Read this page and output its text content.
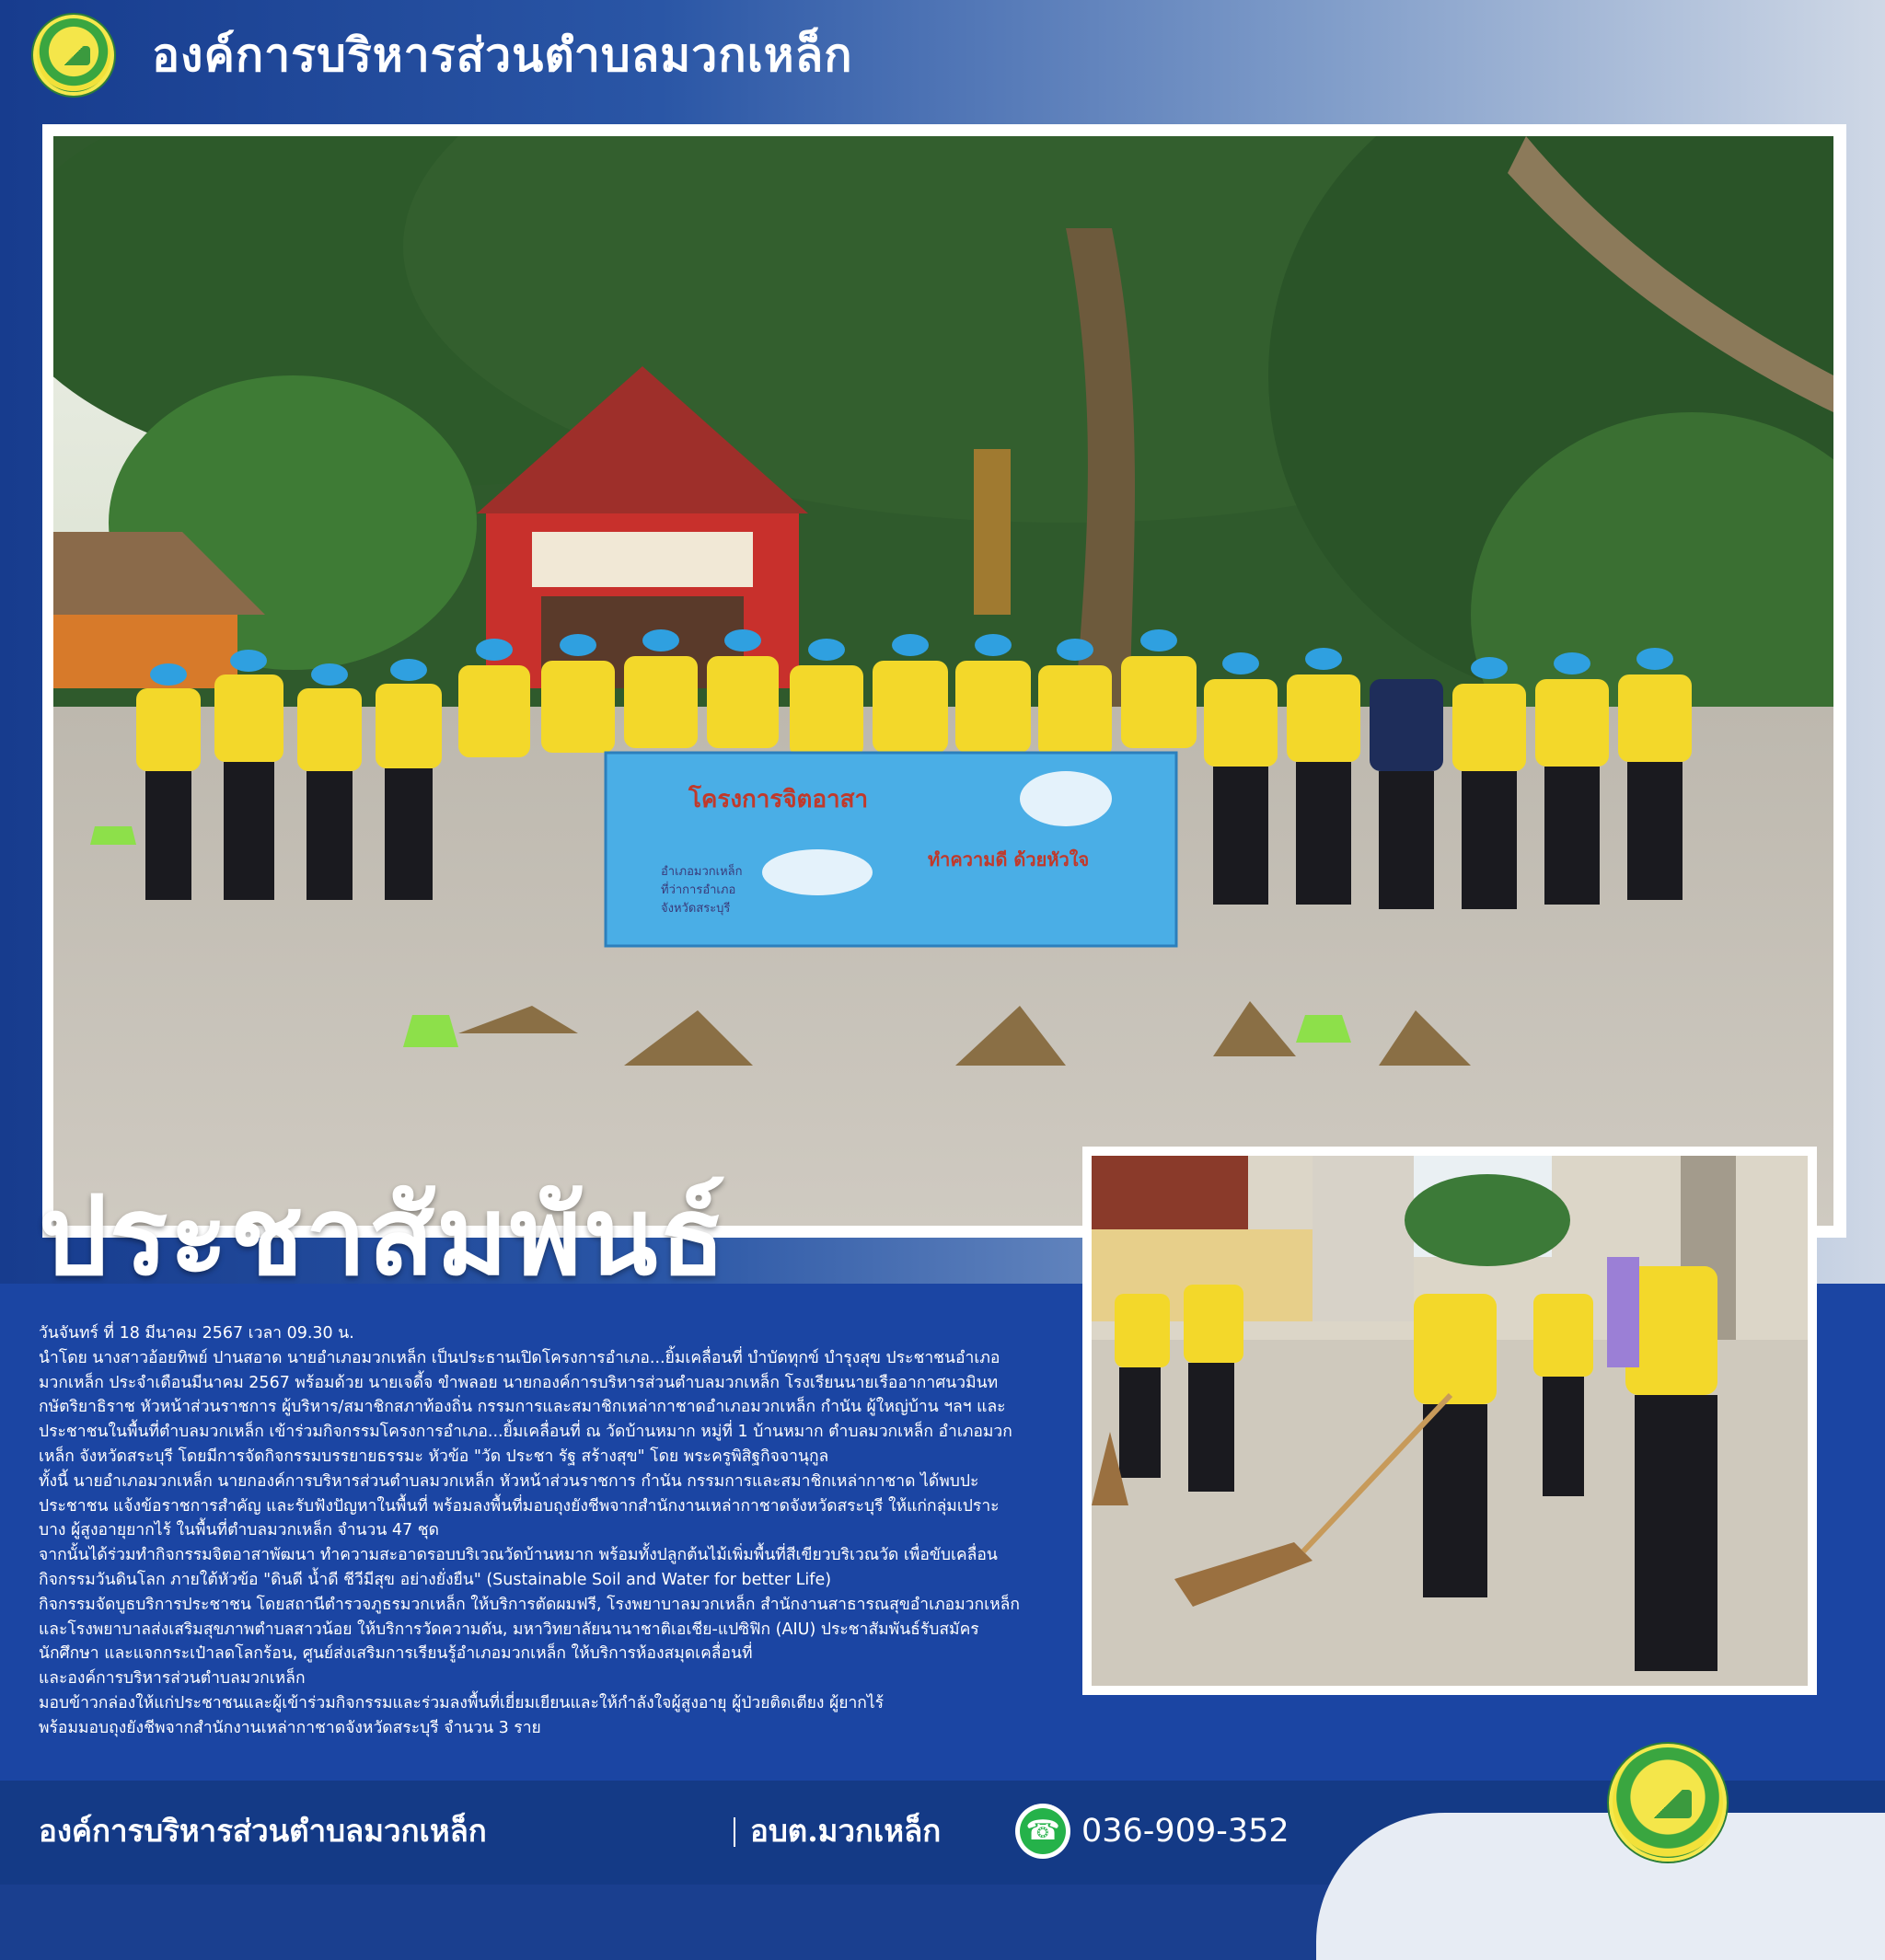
องค์การบริหารส่วนตำบลมวกเหล็ก
โครงการจิตอาสา
ทำความดี ด้วยหัวใจ
อำเภอมวกเหล็ก
ที่ว่าการอำเภอ
จังหวัดสระบุรี
ประชาสัมพันธ์
วันจันทร์ ที่ 18 มีนาคม 2567 เวลา 09.30 น.
นำโดย นางสาวอ้อยทิพย์ ปานสอาด นายอำเภอมวกเหล็ก เป็นประธานเปิดโครงการอำเภอ...ยิ้มเคลื่อนที่ บำบัดทุกข์ บำรุงสุข ประชาชนอำเภอ
มวกเหล็ก ประจำเดือนมีนาคม 2567 พร้อมด้วย นายเจดี้จ ขำพลอย นายกองค์การบริหารส่วนตำบลมวกเหล็ก โรงเรียนนายเรืออากาศนวมินท
กษัตริยาธิราช หัวหน้าส่วนราชการ ผู้บริหาร/สมาชิกสภาท้องถิ่น กรรมการและสมาชิกเหล่ากาชาดอำเภอมวกเหล็ก กำนัน ผู้ใหญ่บ้าน ฯลฯ และ
ประชาชนในพื้นที่ตำบลมวกเหล็ก เข้าร่วมกิจกรรมโครงการอำเภอ...ยิ้มเคลื่อนที่ ณ วัดบ้านหมาก หมู่ที่ 1 บ้านหมาก ตำบลมวกเหล็ก อำเภอมวก
เหล็ก จังหวัดสระบุรี โดยมีการจัดกิจกรรมบรรยายธรรมะ หัวข้อ "วัด ประชา รัฐ สร้างสุข" โดย พระครูพิสิฐกิจจานุกูล
ทั้งนี้ นายอำเภอมวกเหล็ก นายกองค์การบริหารส่วนตำบลมวกเหล็ก หัวหน้าส่วนราชการ กำนัน กรรมการและสมาชิกเหล่ากาชาด ได้พบปะ
ประชาชน แจ้งข้อราชการสำคัญ และรับฟังปัญหาในพื้นที่ พร้อมลงพื้นที่มอบถุงยังชีพจากสำนักงานเหล่ากาชาดจังหวัดสระบุรี ให้แก่กลุ่มเปราะ
บาง ผู้สูงอายุยากไร้ ในพื้นที่ตำบลมวกเหล็ก จำนวน 47 ชุด
จากนั้นได้ร่วมทำกิจกรรมจิตอาสาพัฒนา ทำความสะอาดรอบบริเวณวัดบ้านหมาก พร้อมทั้งปลูกต้นไม้เพิ่มพื้นที่สีเขียวบริเวณวัด เพื่อขับเคลื่อน
กิจกรรมวันดินโลก ภายใต้หัวข้อ "ดินดี น้ำดี ชีวีมีสุข อย่างยั่งยืน" (Sustainable Soil and Water for better Life)
กิจกรรมจัดบูธบริการประชาชน โดยสถานีตำรวจภูธรมวกเหล็ก ให้บริการตัดผมฟรี, โรงพยาบาลมวกเหล็ก สำนักงานสาธารณสุขอำเภอมวกเหล็ก
และโรงพยาบาลส่งเสริมสุขภาพตำบลสาวน้อย ให้บริการวัดความดัน, มหาวิทยาลัยนานาชาติเอเชีย-แปซิฟิก (AIU) ประชาสัมพันธ์รับสมัคร
นักศึกษา และแจกกระเป๋าลดโลกร้อน, ศูนย์ส่งเสริมการเรียนรู้อำเภอมวกเหล็ก ให้บริการห้องสมุดเคลื่อนที่
และองค์การบริหารส่วนตำบลมวกเหล็ก
มอบข้าวกล่องให้แก่ประชาชนและผู้เข้าร่วมกิจกรรมและร่วมลงพื้นที่เยี่ยมเยียนและให้กำลังใจผู้สูงอายุ ผู้ป่วยติดเตียง ผู้ยากไร้
พร้อมมอบถุงยังชีพจากสำนักงานเหล่ากาชาดจังหวัดสระบุรี จำนวน 3 ราย
องค์การบริหารส่วนตำบลมวกเหล็ก	อบต.มวกเหล็ก	☎ 036-909-352
